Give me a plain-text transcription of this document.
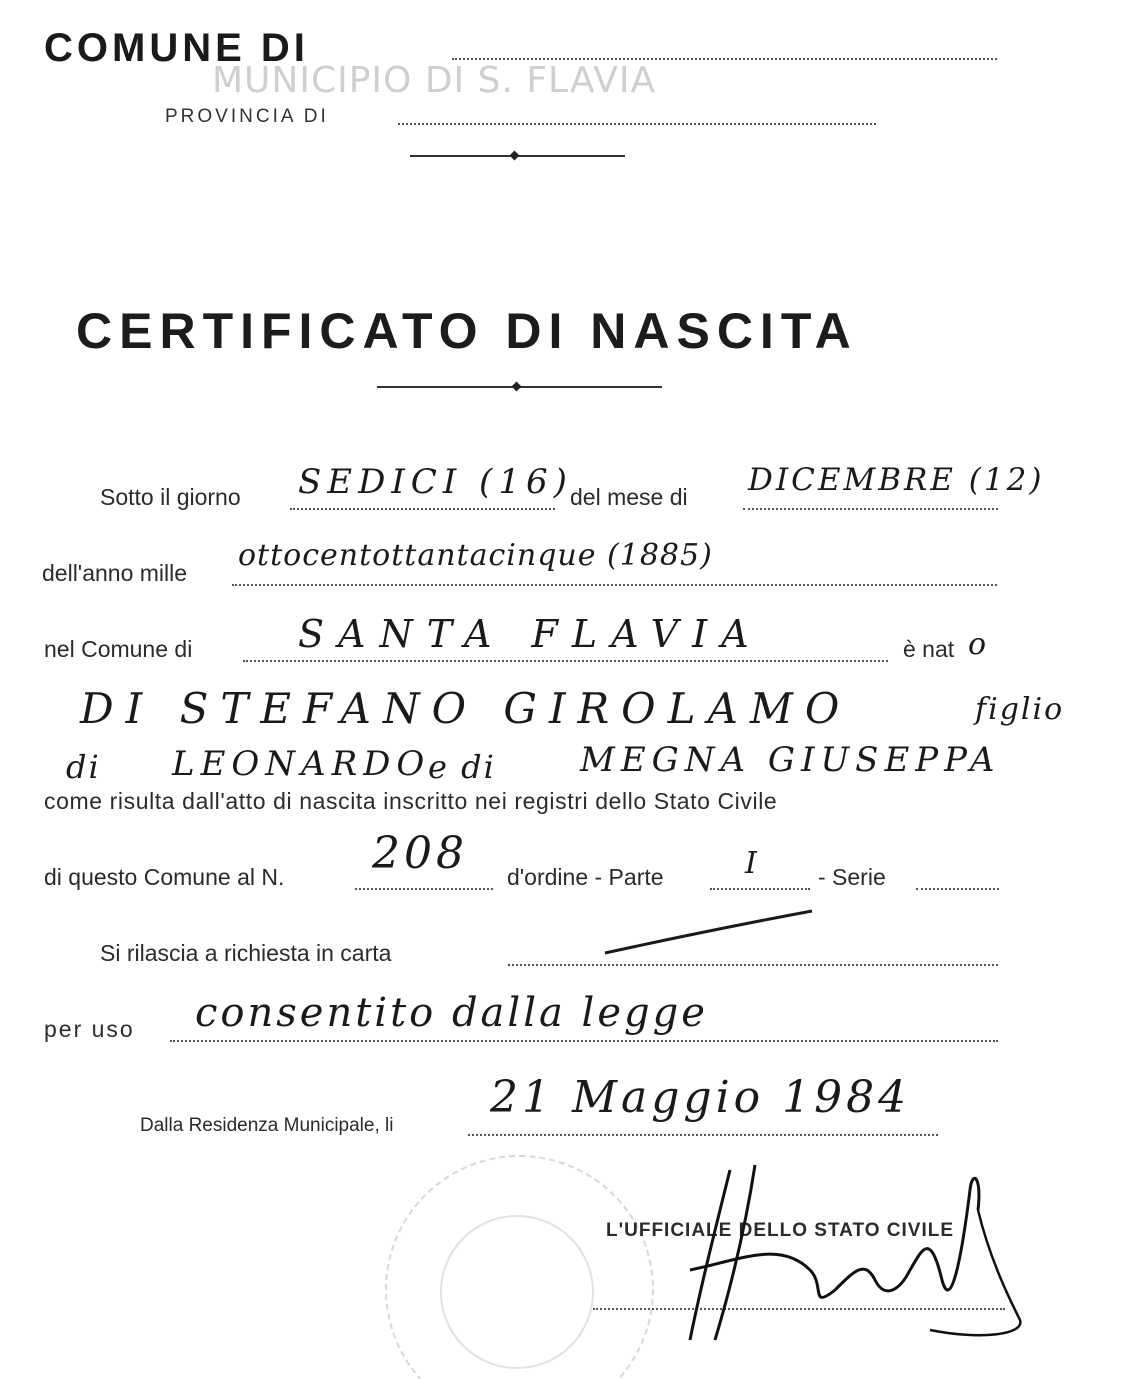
COMUNE DI
MUNICIPIO DI S. FLAVIA
PROVINCIA DI
CERTIFICATO DI NASCITA
Sotto il giorno SEDICI (16)
del mese di DICEMBRE (12)
dell'anno mille ottocentottantacinque (1885)
nel Comune di	SANTA FLAVIA	è nat o
DI STEFANO GIROLAMO	figlio
di LEONARDO
e di MEGNA GIUSEPPA
come risulta dall'atto di nascita inscritto nei registri dello Stato Civile
di questo Comune al N. 208 d'ordine - Parte	I	- Serie
Si rilascia a richiesta in carta
per uso consentito dalla legge
Dalla Residenza Municipale, li
21 Maggio 1984
L'UFFICIALE DELLO STATO CIVILE
